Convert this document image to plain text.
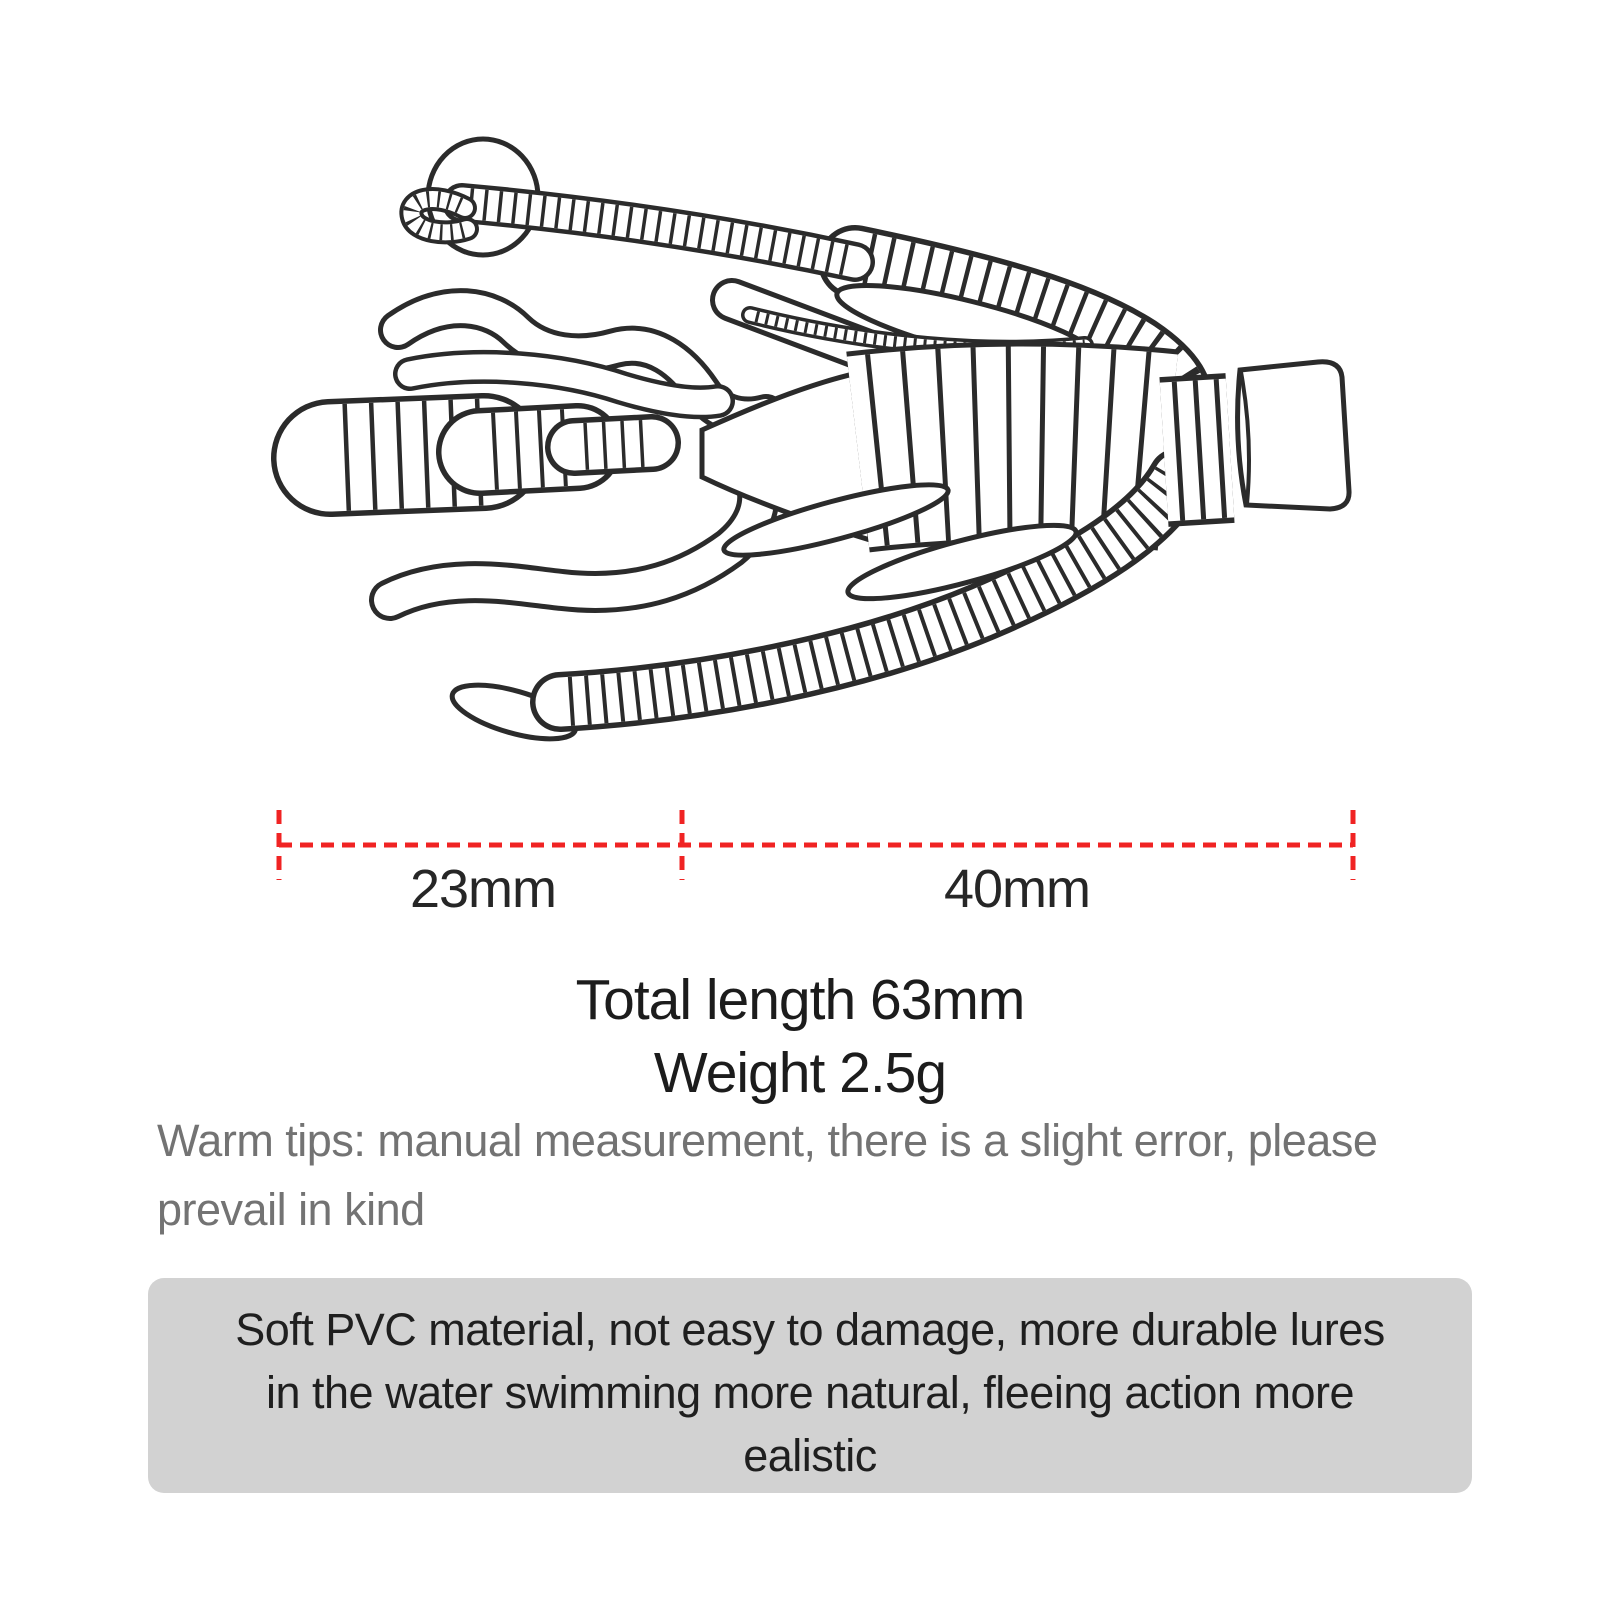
23mm	40mm
Total length 63mm
Weight 2.5g
Warm tips: manual measurement, there is a slight error, please prevail in kind

Soft PVC material, not easy to damage, more durable lures in the water swimming more natural, fleeing action more ealistic
